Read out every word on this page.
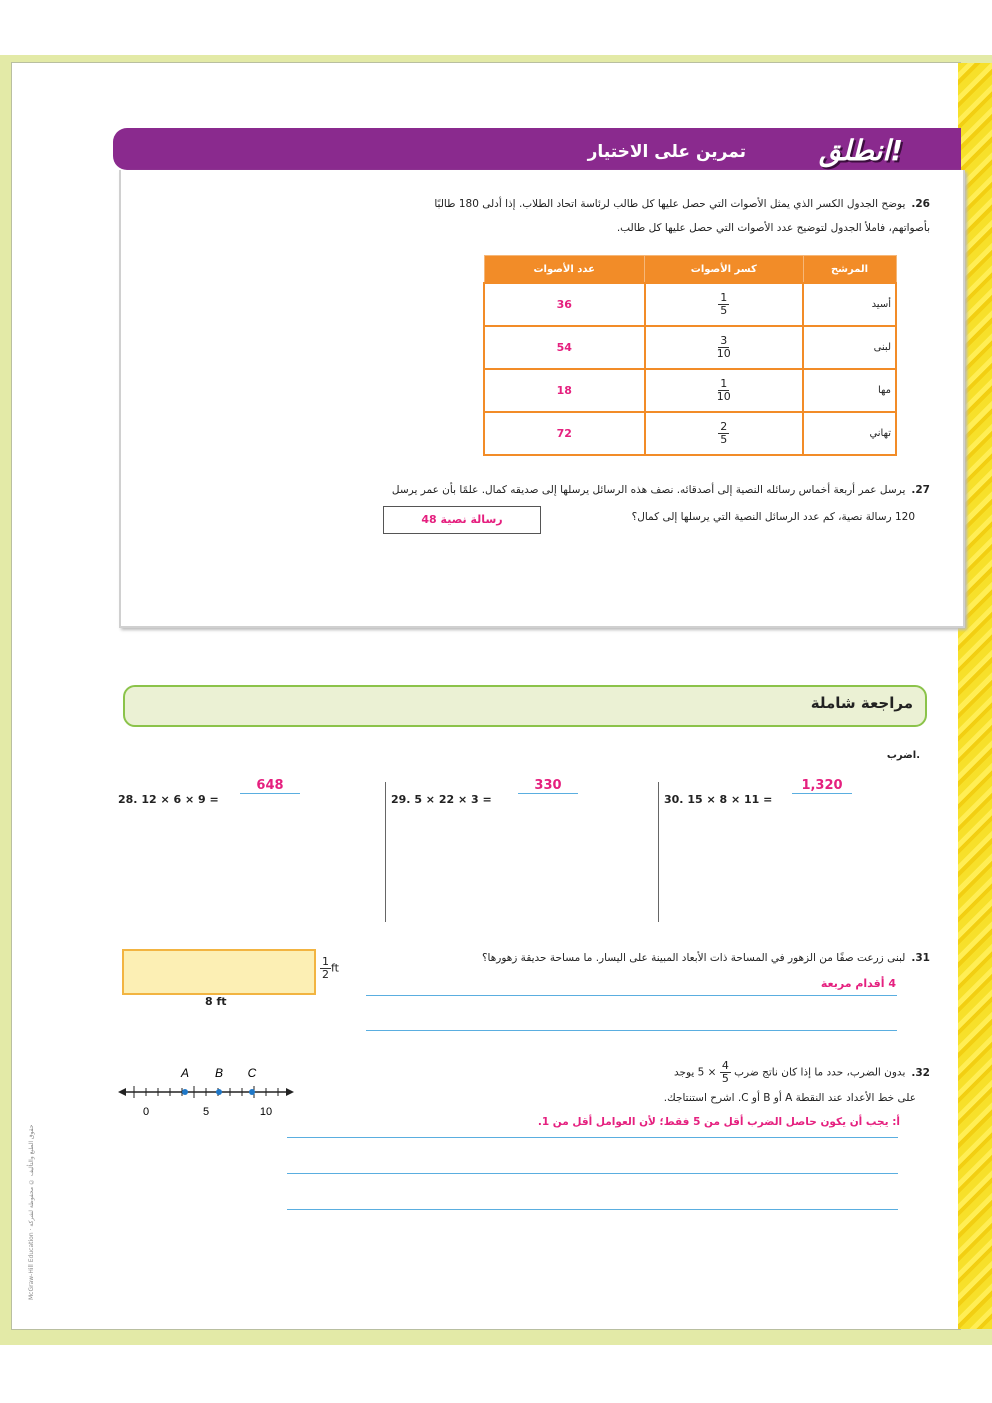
انطلق!
تمرين على الاختيار
26.يوضح الجدول الكسر الذي يمثل الأصوات التي حصل عليها كل طالب لرئاسة اتحاد الطلاب. إذا أدلى 180 طالبًا
بأصواتهم، فاملأ الجدول لتوضيح عدد الأصوات التي حصل عليها كل طالب.
المرشح	كسر الأصوات	عدد الأصوات
أسيد	$\frac{1}{5}$	36
لبنى	$\frac{3}{10}$	54
مها	$\frac{1}{10}$	18
تهاني	$\frac{2}{5}$	72
27.يرسل عمر أربعة أخماس رسائله النصية إلى أصدقائه. نصف هذه الرسائل يرسلها إلى صديقه كمال. علمًا بأن عمر يرسل
120 رسالة نصية، كم عدد الرسائل النصية التي يرسلها إلى كمال؟
48 رسالة نصية
مراجعة شاملة
اضرب.
28. 12 × 6 × 9 =
648
29. 5 × 22 × 3 =
330
30. 15 × 8 × 11 =
1,320
$\frac{1}{2}$ ft
8 ft
31.لبنى زرعت صفًا من الزهور في المساحة ذات الأبعاد المبينة على اليسار. ما مساحة حديقة زهورها؟
4 أقدام مربعة
A B C
0	5	10
32.بدون الضرب، حدد ما إذا كان ناتج ضرب
$\frac{4}{5}$
× 5 يوجد
على خط الأعداد عند النقطة A أو B أو C. اشرح استنتاجك.
أ: يجب أن يكون حاصل الضرب أقل من 5 فقط؛ لأن العوامل أقل من 1.
McGraw-Hill Education · حقوق الطبع والتأليف © محفوظة لشركة
